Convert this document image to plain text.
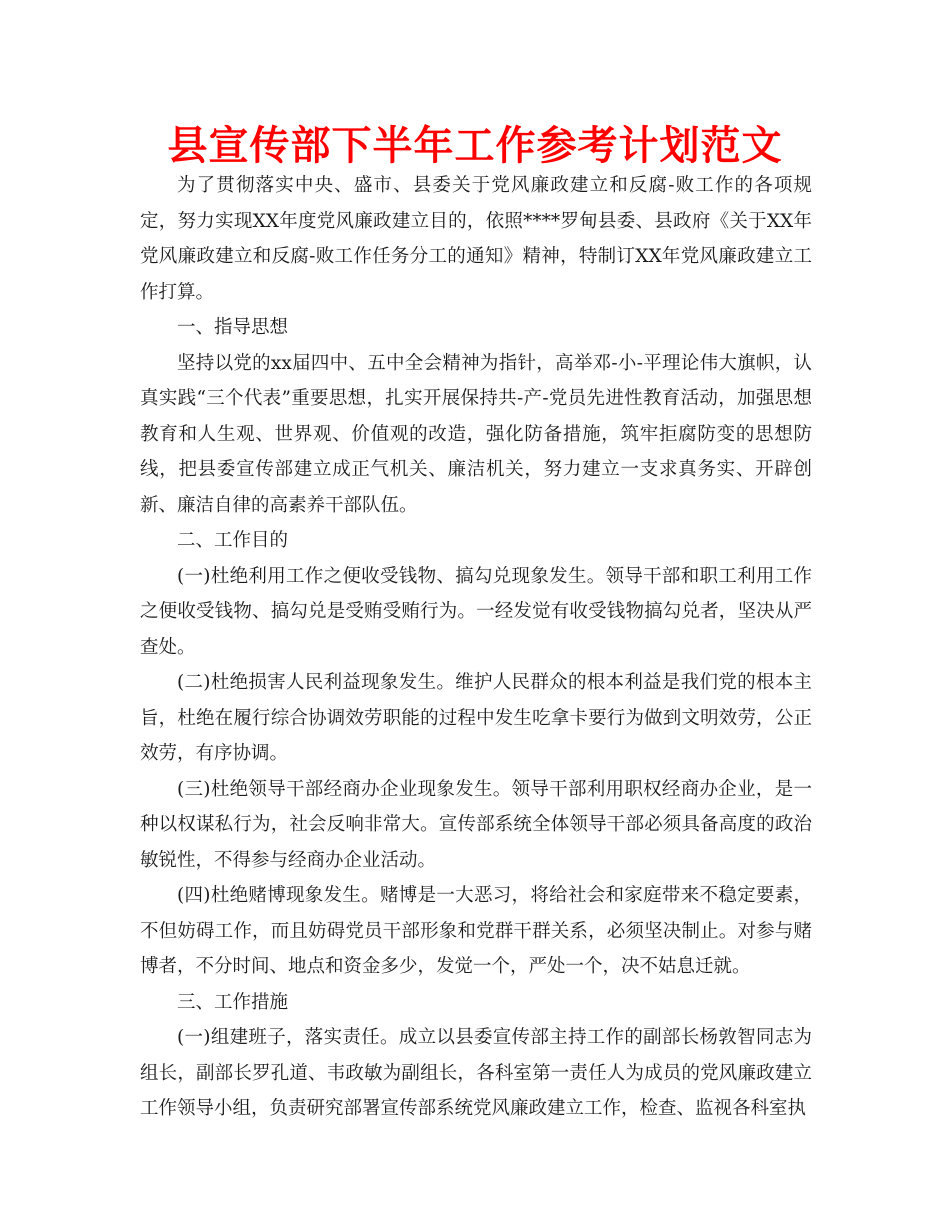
县宣传部下半年工作参考计划范文

为了贯彻落实中央、盛市、县委关于党风廉政建立和反腐-败工作的各项规定，努力实现XX年度党风廉政建立目的，依照****罗甸县委、县政府《关于XX年党风廉政建立和反腐-败工作任务分工的通知》精神，特制订XX年党风廉政建立工作打算。

一、指导思想

坚持以党的xx届四中、五中全会精神为指针，高举邓-小-平理论伟大旗帜，认真实践“三个代表”重要思想，扎实开展保持共-产-党员先进性教育活动，加强思想教育和人生观、世界观、价值观的改造，强化防备措施，筑牢拒腐防变的思想防线，把县委宣传部建立成正气机关、廉洁机关，努力建立一支求真务实、开辟创新、廉洁自律的高素养干部队伍。

二、工作目的

(一)杜绝利用工作之便收受钱物、搞勾兑现象发生。领导干部和职工利用工作之便收受钱物、搞勾兑是受贿受贿行为。一经发觉有收受钱物搞勾兑者，坚决从严查处。

(二)杜绝损害人民利益现象发生。维护人民群众的根本利益是我们党的根本主旨，杜绝在履行综合协调效劳职能的过程中发生吃拿卡要行为做到文明效劳，公正效劳，有序协调。

(三)杜绝领导干部经商办企业现象发生。领导干部利用职权经商办企业，是一种以权谋私行为，社会反响非常大。宣传部系统全体领导干部必须具备高度的政治敏锐性，不得参与经商办企业活动。

(四)杜绝赌博现象发生。赌博是一大恶习，将给社会和家庭带来不稳定要素，不但妨碍工作，而且妨碍党员干部形象和党群干群关系，必须坚决制止。对参与赌博者，不分时间、地点和资金多少，发觉一个，严处一个，决不姑息迁就。

三、工作措施

(一)组建班子，落实责任。成立以县委宣传部主持工作的副部长杨敦智同志为组长，副部长罗孔道、韦政敏为副组长，各科室第一责任人为成员的党风廉政建立工作领导小组，负责研究部署宣传部系统党风廉政建立工作，检查、监视各科室执
